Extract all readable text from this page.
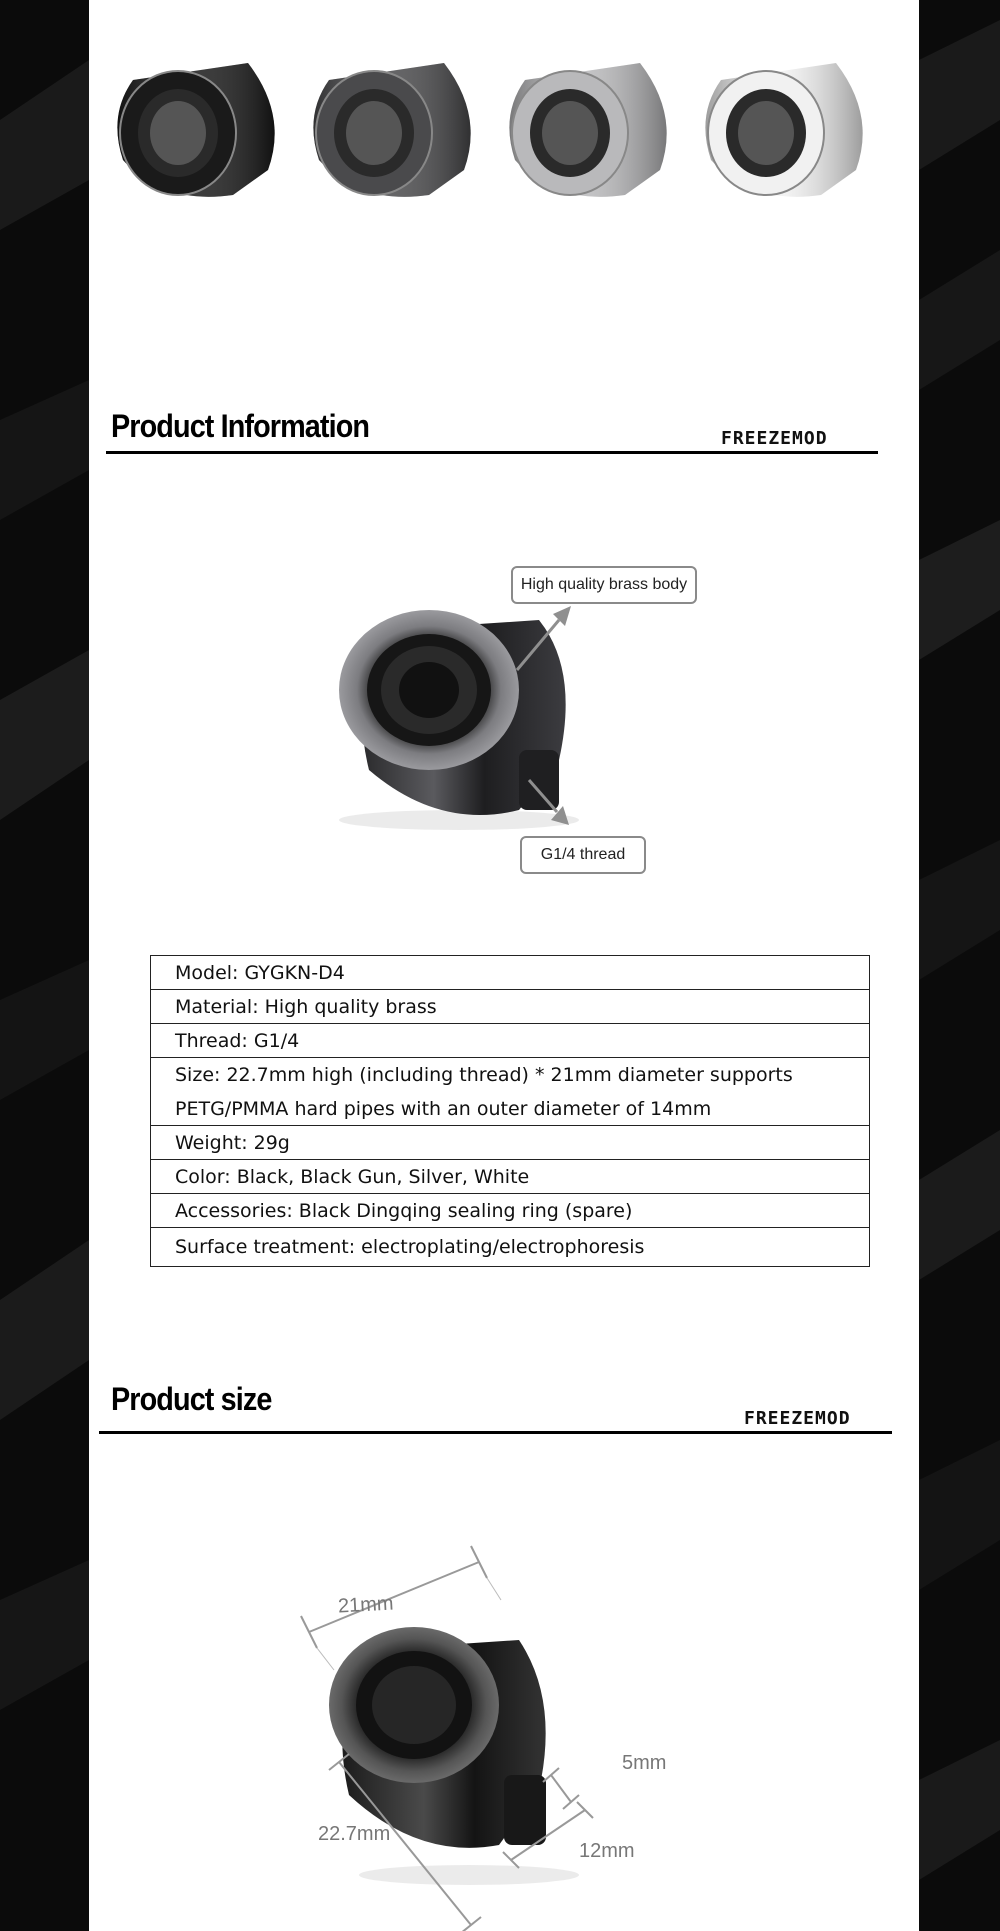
Product Information	FREEZEMOD
High quality brass body
G1/4 thread
Model: GYGKN-D4
Material: High quality brass
Thread: G1/4
Size: 22.7mm high (including thread) * 21mm diameter supports
PETG/PMMA hard pipes with an outer diameter of 14mm
Weight: 29g
Color: Black, Black Gun, Silver, White
Accessories: Black Dingqing sealing ring (spare)
Surface treatment: electroplating/electrophoresis
Product size
FREEZEMOD
21mm
22.7mm
5mm
12mm
